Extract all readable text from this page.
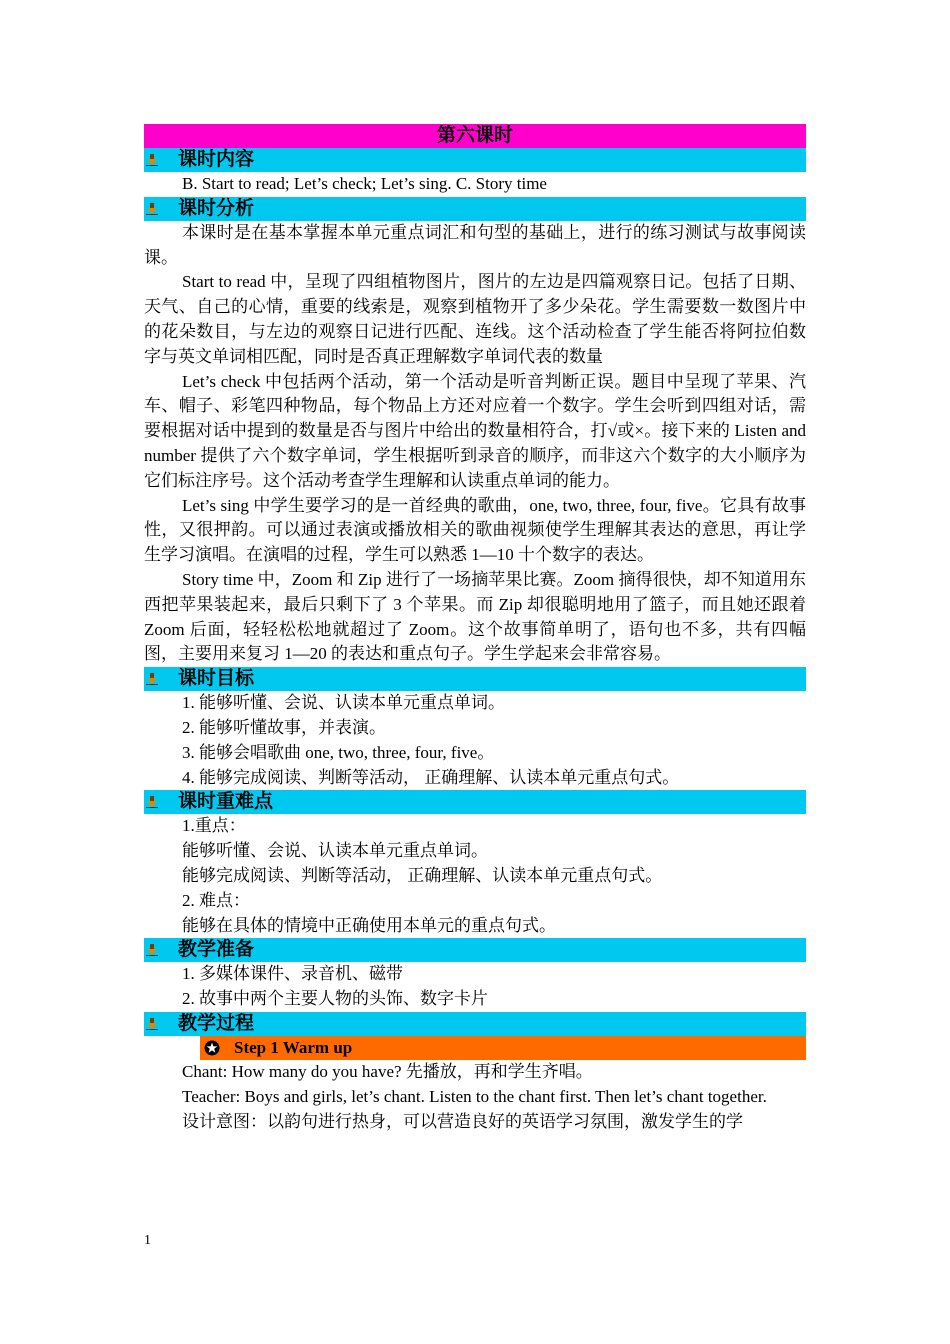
第六课时
课时内容

B. Start to read; Let’s check; Let’s sing. C. Story time

课时分析

本课时是在基本掌握本单元重点词汇和句型的基础上，进行的练习测试与故事阅读课。

Start to read 中，呈现了四组植物图片，图片的左边是四篇观察日记。包括了日期、天气、自己的心情，重要的线索是，观察到植物开了多少朵花。学生需要数一数图片中的花朵数目，与左边的观察日记进行匹配、连线。这个活动检查了学生能否将阿拉伯数字与英文单词相匹配，同时是否真正理解数字单词代表的数量

Let’s check 中包括两个活动，第一个活动是听音判断正误。题目中呈现了苹果、汽车、帽子、彩笔四种物品，每个物品上方还对应着一个数字。学生会听到四组对话，需要根据对话中提到的数量是否与图片中给出的数量相符合，打√或×。接下来的 Listen and number 提供了六个数字单词，学生根据听到录音的顺序，而非这六个数字的大小顺序为它们标注序号。这个活动考查学生理解和认读重点单词的能力。

Let’s sing 中学生要学习的是一首经典的歌曲，one, two, three, four, five。它具有故事性，又很押韵。可以通过表演或播放相关的歌曲视频使学生理解其表达的意思，再让学生学习演唱。在演唱的过程，学生可以熟悉 1—10 十个数字的表达。

Story time 中，Zoom 和 Zip 进行了一场摘苹果比赛。Zoom 摘得很快，却不知道用东西把苹果装起来，最后只剩下了 3 个苹果。而 Zip 却很聪明地用了篮子，而且她还跟着 Zoom 后面，轻轻松松地就超过了 Zoom。这个故事简单明了，语句也不多，共有四幅图，主要用来复习 1—20 的表达和重点句子。学生学起来会非常容易。

课时目标

1. 能够听懂、会说、认读本单元重点单词。

2. 能够听懂故事，并表演。

3. 能够会唱歌曲 one, two, three, four, five。

4. 能够完成阅读、判断等活动， 正确理解、认读本单元重点句式。

课时重难点

1.重点：

能够听懂、会说、认读本单元重点单词。

能够完成阅读、判断等活动， 正确理解、认读本单元重点句式。

2. 难点：

能够在具体的情境中正确使用本单元的重点句式。

教学准备

1. 多媒体课件、录音机、磁带

2. 故事中两个主要人物的头饰、数字卡片

教学过程
Step 1 Warm up

Chant: How many do you have? 先播放，再和学生齐唱。

Teacher: Boys and girls, let’s chant. Listen to the chant first. Then let’s chant together.

设计意图：以韵句进行热身，可以营造良好的英语学习氛围，激发学生的学

1
